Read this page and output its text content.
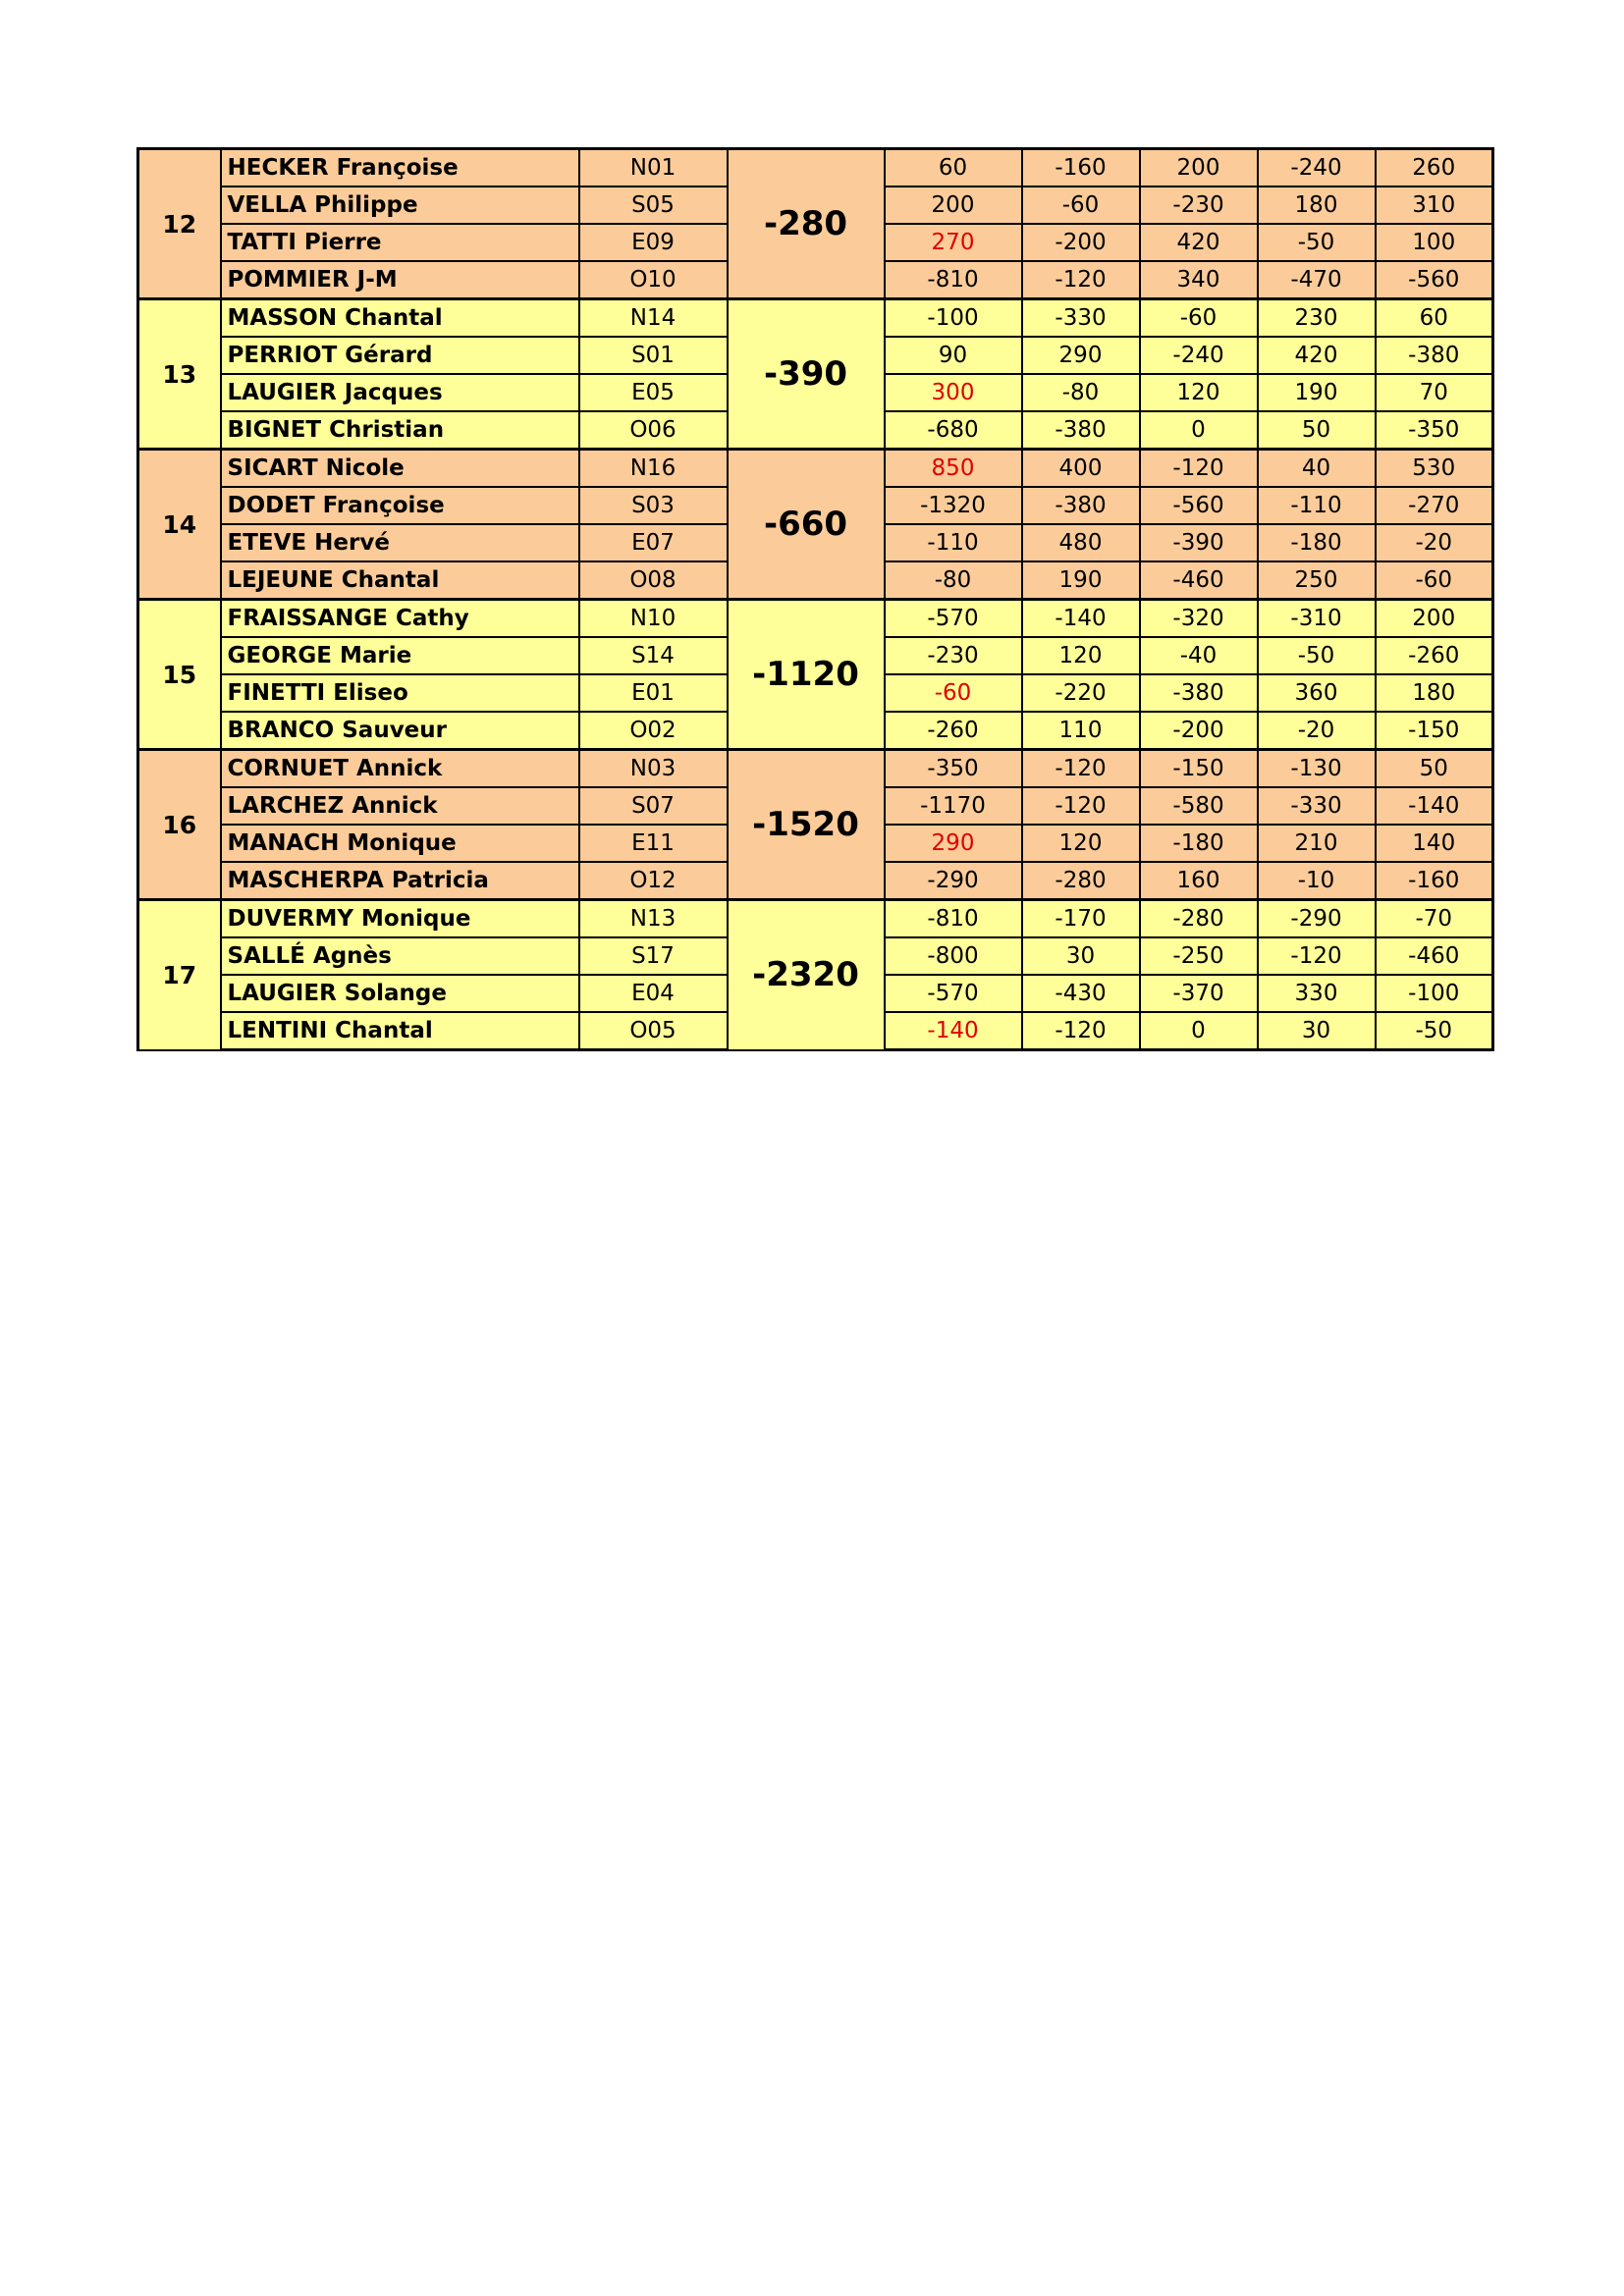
12	HECKER Françoise	N01	-280	60	-160	200	-240	260
	VELLA Philippe	S05		200	-60	-230	180	310
	TATTI Pierre	E09		270	-200	420	-50	100
	POMMIER J-M	O10		-810	-120	340	-470	-560
13	MASSON Chantal	N14	-390	-100	-330	-60	230	60
	PERRIOT Gérard	S01		90	290	-240	420	-380
	LAUGIER Jacques	E05		300	-80	120	190	70
	BIGNET Christian	O06		-680	-380	0	50	-350
14	SICART Nicole	N16	-660	850	400	-120	40	530
	DODET Françoise	S03		-1320	-380	-560	-110	-270
	ETEVE Hervé	E07		-110	480	-390	-180	-20
	LEJEUNE Chantal	O08		-80	190	-460	250	-60
15	FRAISSANGE Cathy	N10	-1120	-570	-140	-320	-310	200
	GEORGE Marie	S14		-230	120	-40	-50	-260
	FINETTI Eliseo	E01		-60	-220	-380	360	180
	BRANCO Sauveur	O02		-260	110	-200	-20	-150
16	CORNUET Annick	N03	-1520	-350	-120	-150	-130	50
	LARCHEZ Annick	S07		-1170	-120	-580	-330	-140
	MANACH Monique	E11		290	120	-180	210	140
	MASCHERPA Patricia	O12		-290	-280	160	-10	-160
17	DUVERMY Monique	N13	-2320	-810	-170	-280	-290	-70
	SALLÉ Agnès	S17		-800	30	-250	-120	-460
	LAUGIER Solange	E04		-570	-430	-370	330	-100
	LENTINI Chantal	O05		-140	-120	0	30	-50
